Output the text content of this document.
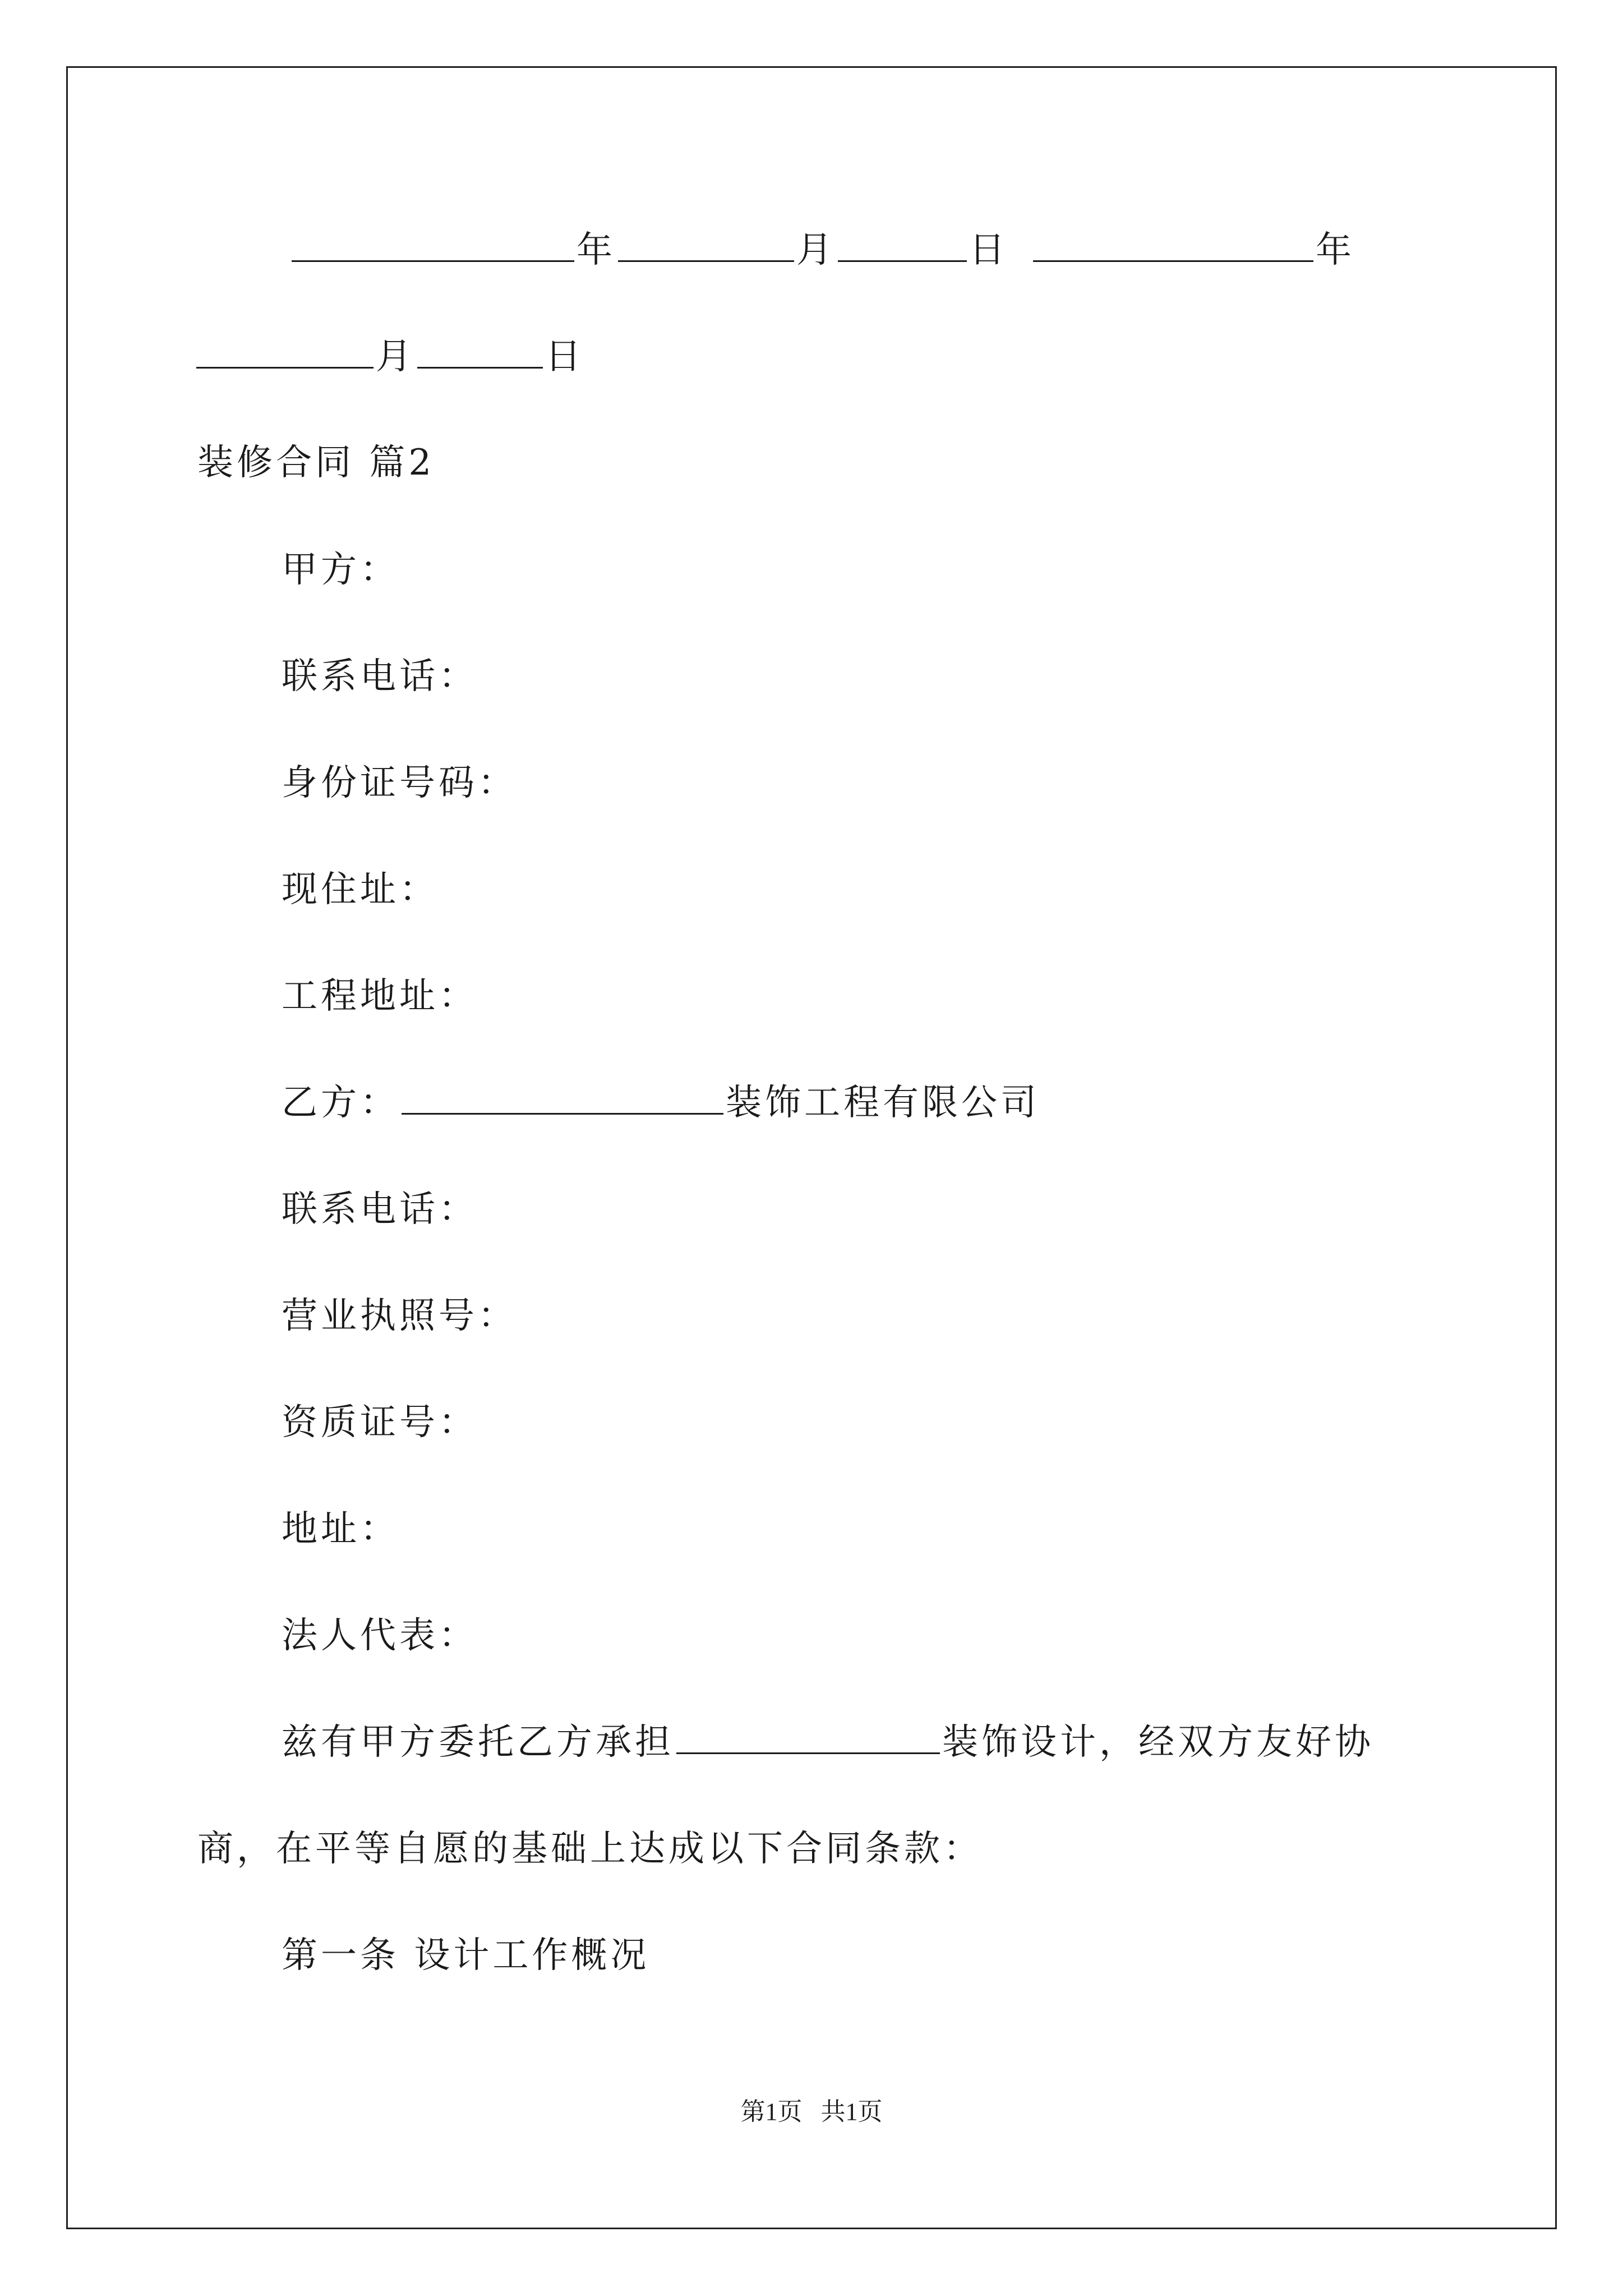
年	月	日	年
月	日
装修合同 篇2
甲方：
联系电话：
身份证号码：
现住址：
工程地址：
乙方：	装饰工程有限公司
联系电话：
营业执照号：
资质证号：
地址：
法人代表：
兹有甲方委托乙方承担	装饰设计，经双方友好协
商，在平等自愿的基础上达成以下合同条款：
第一条 设计工作概况
第1页   共1页
